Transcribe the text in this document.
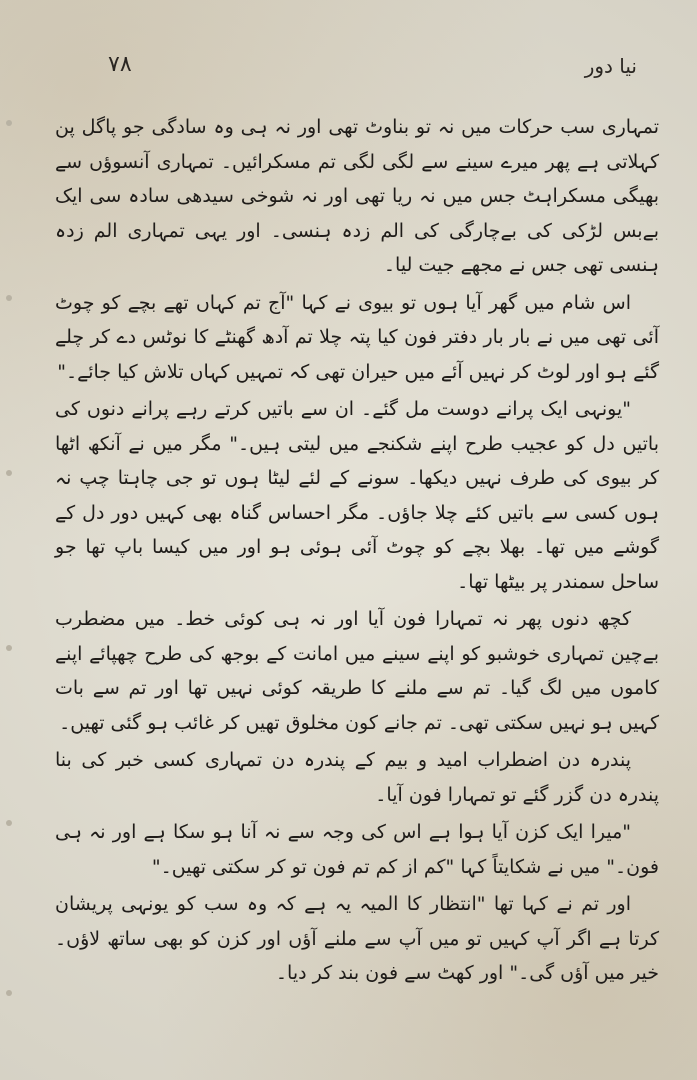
۷۸	نیا دور

تمہاری سب حرکات میں نہ تو بناوٹ تھی اور نہ ہی وہ سادگی جو پاگل پن کہلاتی ہے پھر میرے سینے سے لگی لگی تم مسکرائیں۔ تمہاری آنسوؤں سے بھیگی مسکراہٹ جس میں نہ ریا تھی اور نہ شوخی سیدھی سادہ سی ایک بےبس لڑکی کی بےچارگی کی الم زدہ ہنسی۔ اور یہی تمہاری الم زدہ ہنسی تھی جس نے مجھے جیت لیا۔

اس شام میں گھر آیا ہوں تو بیوی نے کہا "آج تم کہاں تھے بچے کو چوٹ آئی تھی میں نے بار بار دفتر فون کیا پتہ چلا تم آدھ گھنٹے کا نوٹس دے کر چلے گئے ہو اور لوٹ کر نہیں آئے میں حیران تھی کہ تمہیں کہاں تلاش کیا جائے۔"

"یونہی ایک پرانے دوست مل گئے۔ ان سے باتیں کرتے رہے پرانے دنوں کی باتیں دل کو عجیب طرح اپنے شکنجے میں لیتی ہیں۔" مگر میں نے آنکھ اٹھا کر بیوی کی طرف نہیں دیکھا۔ سونے کے لئے لیٹا ہوں تو جی چاہتا چپ نہ ہوں کسی سے باتیں کئے چلا جاؤں۔ مگر احساس گناہ بھی کہیں دور دل کے گوشے میں تھا۔ بھلا بچے کو چوٹ آئی ہوئی ہو اور میں کیسا باپ تھا جو ساحل سمندر پر بیٹھا تھا۔

کچھ دنوں پھر نہ تمہارا فون آیا اور نہ ہی کوئی خط۔ میں مضطرب بےچین تمہاری خوشبو کو اپنے سینے میں امانت کے بوجھ کی طرح چھپائے اپنے کاموں میں لگ گیا۔ تم سے ملنے کا طریقہ کوئی نہیں تھا اور تم سے بات کہیں ہو نہیں سکتی تھی۔ تم جانے کون مخلوق تھیں کر غائب ہو گئی تھیں۔

پندرہ دن اضطراب امید و بیم کے پندرہ دن تمہاری کسی خبر کی بنا پندرہ دن گزر گئے تو تمہارا فون آیا۔

"میرا ایک کزن آیا ہوا ہے اس کی وجہ سے نہ آنا ہو سکا ہے اور نہ ہی فون۔" میں نے شکایتاً کہا "کم از کم تم فون تو کر سکتی تھیں۔"

اور تم نے کہا تھا "انتظار کا المیہ یہ ہے کہ وہ سب کو یونہی پریشان کرتا ہے اگر آپ کہیں تو میں آپ سے ملنے آؤں اور کزن کو بھی ساتھ لاؤں۔ خیر میں آؤں گی۔" اور کھٹ سے فون بند کر دیا۔
